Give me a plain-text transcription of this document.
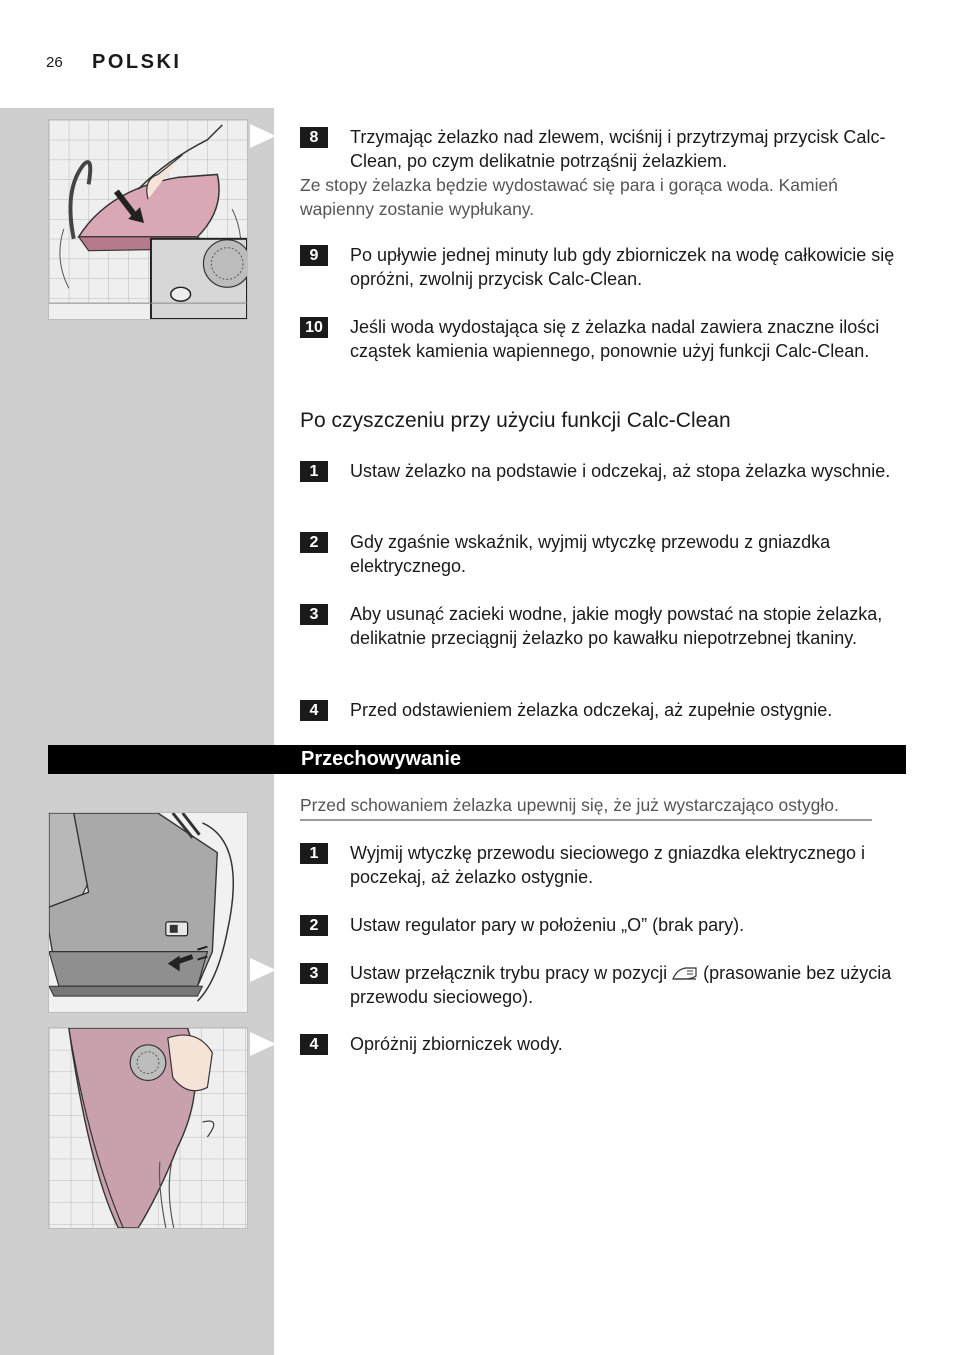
26 POLSKI
8	Trzymając żelazko nad zlewem, wciśnij i przytrzymaj przycisk Calc-Clean, po czym delikatnie potrząśnij żelazkiem.
Ze stopy żelazka będzie wydostawać się para i gorąca woda. Kamień wapienny zostanie wypłukany.
9	Po upływie jednej minuty lub gdy zbiorniczek na wodę całkowicie się opróżni, zwolnij przycisk Calc-Clean.
10 Jeśli woda wydostająca się z żelazka nadal zawiera znaczne ilości cząstek kamienia wapiennego, ponownie użyj funkcji Calc-Clean.
Po czyszczeniu przy użyciu funkcji Calc-Clean
1	Ustaw żelazko na podstawie i odczekaj, aż stopa żelazka wyschnie.
2	Gdy zgaśnie wskaźnik, wyjmij wtyczkę przewodu z gniazdka elektrycznego.
3	Aby usunąć zacieki wodne, jakie mogły powstać na stopie żelazka, delikatnie przeciągnij żelazko po kawałku niepotrzebnej tkaniny.
4	Przed odstawieniem żelazka odczekaj, aż zupełnie ostygnie.
Przechowywanie
Przed schowaniem żelazka upewnij się, że już wystarczająco ostygło.
1	Wyjmij wtyczkę przewodu sieciowego z gniazdka elektrycznego i poczekaj, aż żelazko ostygnie.
2	Ustaw regulator pary w położeniu „O” (brak pary).
3	Ustaw przełącznik trybu pracy w pozycji (prasowanie bez użycia przewodu sieciowego).
4	Opróżnij zbiorniczek wody.
